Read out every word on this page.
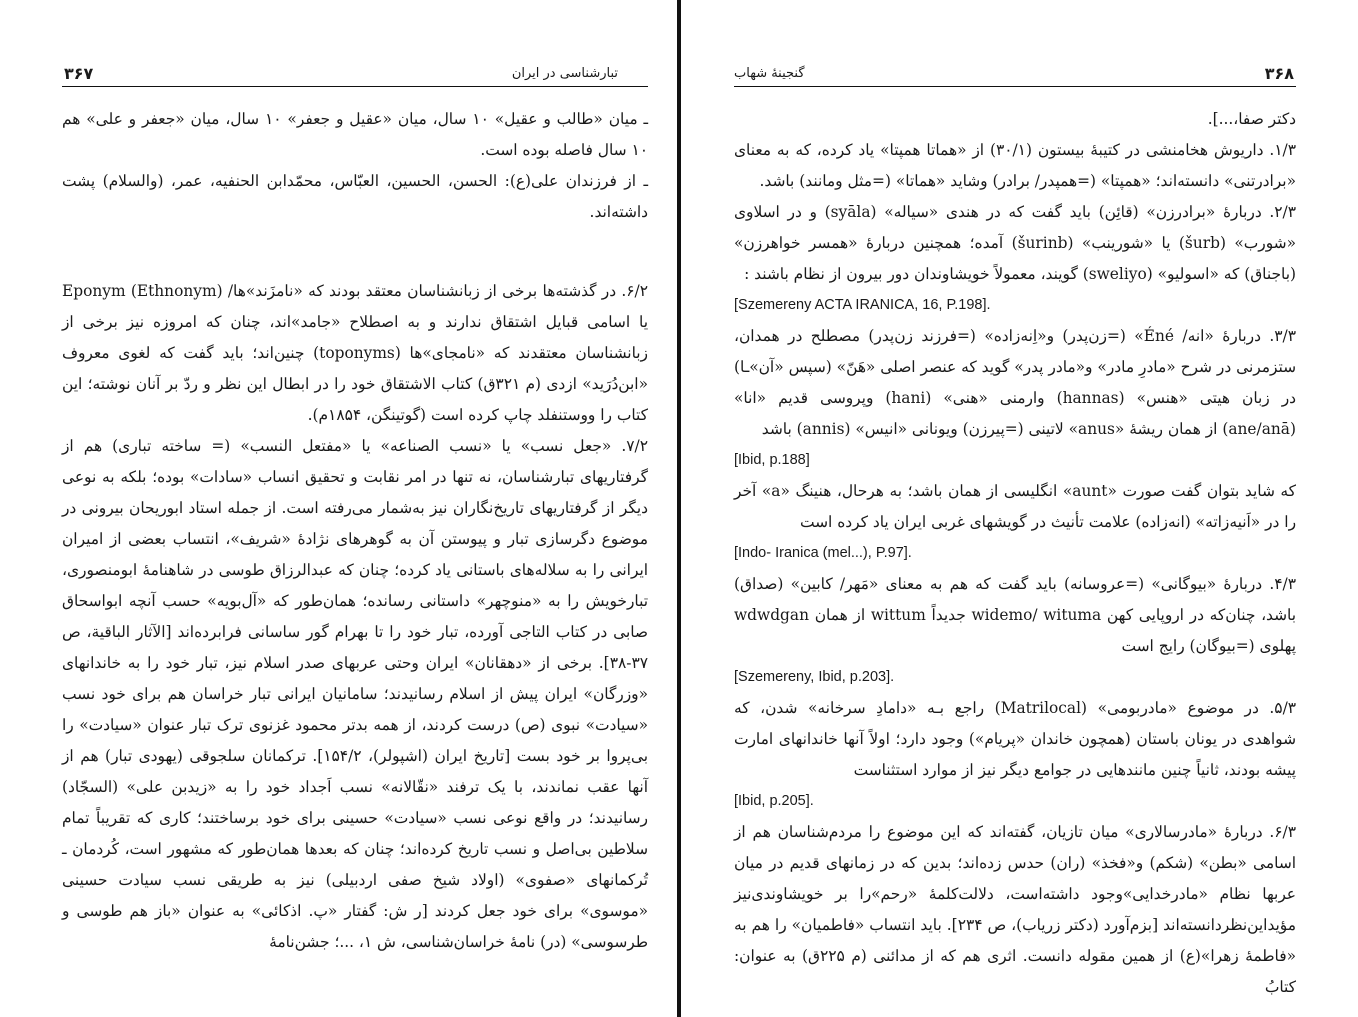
۳۶۷	تبارشناسی در ایران

ـ میان «طالب و عقیل» ۱۰ سال، میان «عقیل و جعفر» ۱۰ سال، میان «جعفر و علی» هم ۱۰ سال فاصله بوده است.

ـ از فرزندان علی(ع): الحسن، الحسین، العبّاس، محمّدابن الحنفیه، عمر، (والسلام) پشت داشته‌اند.

۶/۲. در گذشته‌ها برخی از زبانشناسان معتقد بودند که «نامزَند»ها/ Eponym (Ethnonym) یا اسامی قبایل اشتقاق ندارند و به اصطلاح «جامد»اند، چنان که امروزه نیز برخی از زبانشناسان معتقدند که «نامجای»ها (toponyms) چنین‌اند؛ باید گفت که لغوی معروف «ابن‌دُرَید» ازدی (م ۳۲۱ق) کتاب الاشتقاق خود را در ابطال این نظر و ردّ بر آنان نوشته؛ این کتاب را ووستنفلد چاپ کرده است (گوتینگن، ۱۸۵۴م).

۷/۲. «جعل نسب» یا «نسب الصناعه» یا «مفتعل النسب» (= ساخته تباری) هم از گرفتاریهای تبارشناسان، نه تنها در امر نقابت و تحقیق انساب «سادات» بوده؛ بلکه به نوعی دیگر از گرفتاریهای تاریخ‌نگاران نیز به‌شمار می‌رفته است. از جمله استاد ابوریحان بیرونی در موضوع دگرسازی تبار و پیوستن آن به گوهرهای نژادهٔ «شریف»، انتساب بعضی از امیران ایرانی را به سلاله‌های باستانی یاد کرده؛ چنان که عبدالرزاق طوسی در شاهنامهٔ ابومنصوری، تبارخویش را به «منوچهر» داستانی رسانده؛ همان‌طور که «آل‌بویه» حسب آنچه ابواسحاق صابی در کتاب التاجی آورده، تبار خود را تا بهرام گور ساسانی فرابرده‌اند [الآثار الباقیة، ص ۳۷-۳۸]. برخی از «دهقانان» ایران وحتی عربهای صدر اسلام نیز، تبار خود را به خاندانهای «وزرگان» ایران پیش از اسلام رسانیدند؛ سامانیان ایرانی تبار خراسان هم برای خود نسب «سیادت» نبوی (ص) درست کردند، از همه بدتر محمود غزنوی ترک تبار عنوان «سیادت» را بی‌پروا بر خود بست [تاریخ ایران (اشپولر)، ۱۵۴/۲]. ترکمانان سلجوقی (یهودی تبار) هم از آنها عقب نماندند، با یک ترفند «نقّالانه» نسب اَجداد خود را به «زیدبن علی» (السجّاد) رسانیدند؛ در واقع نوعی نسب «سیادت» حسینی برای خود برساختند؛ کاری که تقریباً تمام سلاطین بی‌اصل و نسب تاریخ کرده‌اند؛ چنان که بعدها همان‌طور که مشهور است، کُردمان ـ تُرکمانهای «صفوی» (اولاد شیخ صفی اردبیلی) نیز به طریقی نسب سیادت حسینی «موسوی» برای خود جعل کردند [ر ش: گفتار «پ. اذکائی» به عنوان «باز هم طوسی و طرسوسی» (در) نامهٔ خراسان‌شناسی، ش ۱، ...؛ جشن‌نامهٔ

۳۶۸
گنجینهٔ شهاب

دکتر صفا،...].

۱/۳. داریوش هخامنشی در کتیبهٔ بیستون (۳۰/۱) از «هماتا همپتا» یاد کرده، که به معنای «برادرتنی» دانسته‌اند؛ «همپتا» (=همپدر/ برادر) وشاید «هماتا» (=مثل ومانند) باشد.

۲/۳. دربارهٔ «برادرزن» (قائِن) باید گفت که در هندی «سیاله» (syāla) و در اسلاوی «شورب» (šurb) یا «شورینب» (šurinb) آمده؛ همچنین دربارهٔ «همسر خواهرزن» (باجناق) که «اسولیو» (sweliyo) گویند، معمولاً خویشاوندان دور بیرون از نظام باشند :

[Szemereny ACTA IRANICA, 16, P.198].

۳/۳. دربارهٔ «انه/ Éné» (=زن‌پدر) و«اِنه‌زاده» (=فرزند زن‌پدر) مصطلح در همدان، ستزمرنی در شرح «مادرِ مادر» و«مادر پدر» گوید که عنصر اصلی «هَنّ» (سپس «آن»ـا) در زبان هیتی «هنس» (hannas) وارمنی «هنی» (hani) وپروسی قدیم «انا» (ane/anā) از همان ریشهٔ «anus» لاتینی (=پیرزن) ویونانی «انیس» (annis) باشد

[Ibid, p.188]

که شاید بتوان گفت صورت «aunt» انگلیسی از همان باشد؛ به هرحال، هنینگ «a» آخر را در «اَنیه‌زاته» (انه‌زاده) علامت تأنیث در گویشهای غربی ایران یاد کرده است

[Indo- Iranica (mel...), P.97].

۴/۳. دربارهٔ «بیوگانی» (=عروسانه) باید گفت که هم به معنای «مَهر/ کابین» (صداق) باشد، چنان‌که در اروپایی کهن widemo/ wituma جدیداً wittum از همان wdwdgan پهلوی (=بیوگان) رایج است

[Szemereny, Ibid, p.203].

۵/۳. در موضوع «مادربومی» (Matrilocal) راجع بـه «دامادِ سرخانه» شدن، که شواهدی در یونان باستان (همچون خاندان «پریام») وجود دارد؛ اولاً آنها خاندانهای امارت پیشه بودند، ثانیاً چنین مانندهایی در جوامع دیگر نیز از موارد استثناست

[Ibid, p.205].

۶/۳. دربارهٔ «مادرسالاری» میان تازیان، گفته‌اند که این موضوع را مردم‌شناسان هم از اسامی «بطن» (شکم) و«فخذ» (ران) حدس زده‌اند؛ بدین که در زمانهای قدیم در میان عربها نظام «مادرخدایی»وجود داشته‌است، دلالت‌کلمهٔ «رحم»را بر خویشاوندی‌نیز مؤیداین‌نظردانسته‌اند [بزم‌آورد (دکتر زریاب)، ص ۲۳۴]. باید انتساب «فاطمیان» را هم به «فاطمهٔ زهرا»(ع) از همین مقوله دانست. اثری هم که از مدائنی (م ۲۲۵ق) به عنوان: کتابُ
